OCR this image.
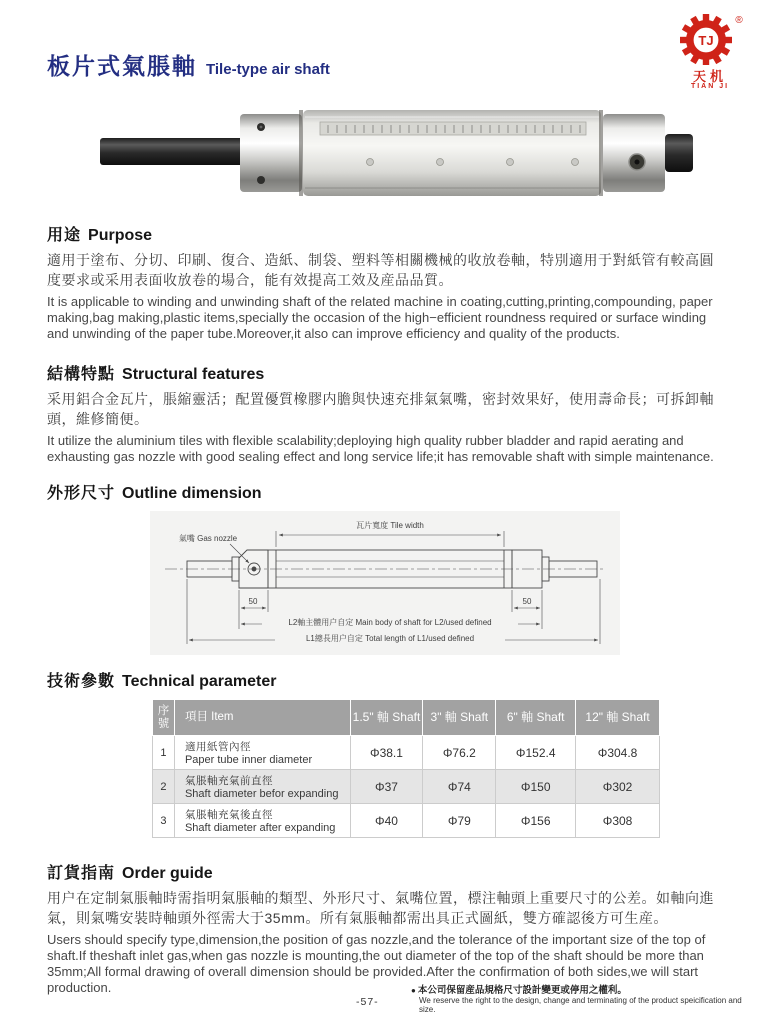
板片式氣脹軸 Tile-type air shaft
TJ
®
天机
TIAN JI
用途 Purpose

適用于塗布、分切、印刷、復合、造紙、制袋、塑料等相關機械的收放卷軸，特別適用于對紙管有較高圓度要求或采用表面收放卷的場合，能有效提高工效及産品品質。

It is applicable to winding and unwinding shaft of the related machine in coating,cutting,printing,compounding, paper making,bag making,plastic items,specially the occasion of the high−efficient roundness required or surface winding and unwinding of the paper tube.Moreover,it also can improve efficiency and quality of the products.

結構特點 Structural features

采用鋁合金瓦片，脹縮靈活；配置優質橡膠内膽與快速充排氣氣嘴，密封效果好，使用壽命長；可拆卸軸頭，維修簡便。

It utilize the aluminium tiles with flexible scalability;deploying high quality rubber bladder and rapid aerating and exhausting gas nozzle with good sealing effect and long service life;it has removable shaft with simple maintenance.

外形尺寸 Outline dimension
氣嘴 Gas nozzle
瓦片寬度 Tile width
50	50
L2軸主體用户自定 Main body of shaft for L2/used defined
L1總長用户自定 Total length of L1/used defined
技術參數 Technical parameter
序
號	項目 Item	1.5" 軸 Shaft	3" 軸 Shaft	6" 軸 Shaft	12" 軸 Shaft
1	適用紙管內徑
Paper tube inner diameter	Φ38.1	Φ76.2	Φ152.4	Φ304.8
2	氣脹軸充氣前直徑
Shaft diameter befor expanding	Φ37	Φ74	Φ150	Φ302
3	氣脹軸充氣後直徑
Shaft diameter after expanding	Φ40	Φ79	Φ156	Φ308
訂貨指南 Order guide

用户在定制氣脹軸時需指明氣脹軸的類型、外形尺寸、氣嘴位置，標注軸頭上重要尺寸的公差。如軸向進氣，則氣嘴安裝時軸頭外徑需大于35mm。所有氣脹軸都需出具正式圖紙，雙方確認後方可生産。

Users should specify type,dimension,the position of gas nozzle,and the tolerance of the important size of the top of shaft.If theshaft inlet gas,when gas nozzle is mounting,the out diameter of the top of the shaft should be more than 35mm;All formal drawing of overall dimension should be provided.After the confirmation of both sides,we will start production.

-57-
● 本公司保留産品規格尺寸設計變更或停用之權利。
We reserve the right to the design, change and terminating of the product speicification and size.
